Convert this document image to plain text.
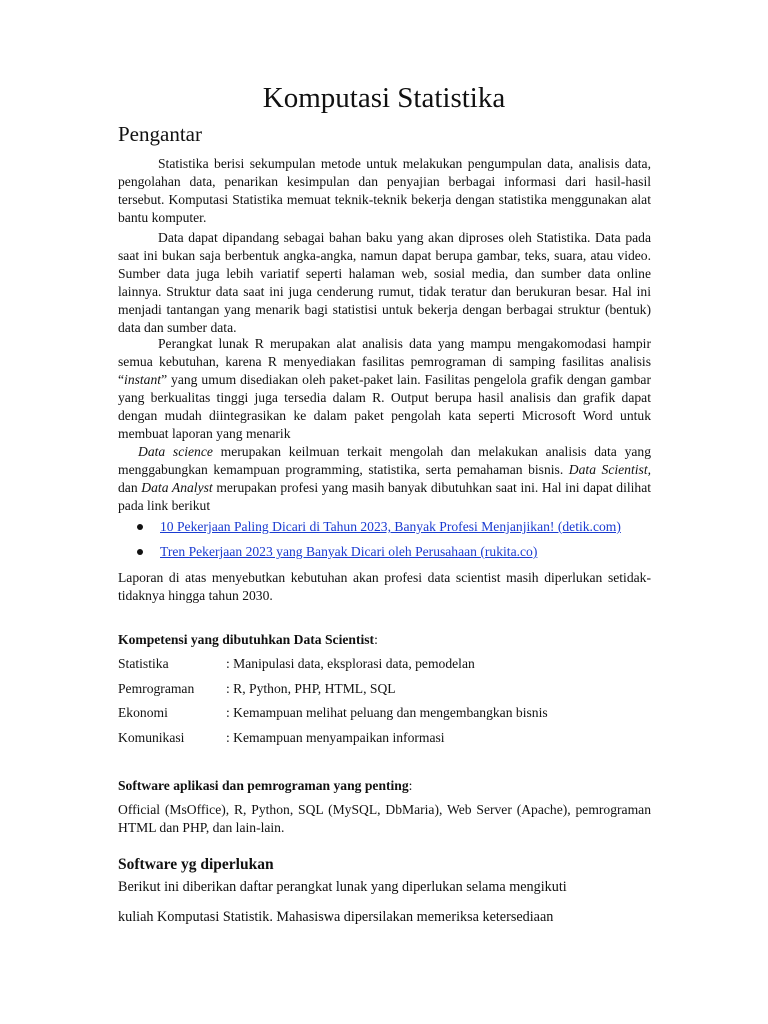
Komputasi Statistika
Pengantar

Statistika berisi sekumpulan metode untuk melakukan pengumpulan data, analisis data, pengolahan data, penarikan kesimpulan dan penyajian berbagai informasi dari hasil-hasil tersebut. Komputasi Statistika memuat teknik-teknik bekerja dengan statistika menggunakan alat bantu komputer.

Data dapat dipandang sebagai bahan baku yang akan diproses oleh Statistika. Data pada saat ini bukan saja berbentuk angka-angka, namun dapat berupa gambar, teks, suara, atau video. Sumber data juga lebih variatif seperti halaman web, sosial media, dan sumber data online lainnya. Struktur data saat ini juga cenderung rumut, tidak teratur dan berukuran besar. Hal ini menjadi tantangan yang menarik bagi statistisi untuk bekerja dengan berbagai struktur (bentuk) data dan sumber data.

Perangkat lunak R merupakan alat analisis data yang mampu mengakomodasi hampir semua kebutuhan, karena R menyediakan fasilitas pemrograman di samping fasilitas analisis “instant” yang umum disediakan oleh paket-paket lain. Fasilitas pengelola grafik dengan gambar yang berkualitas tinggi juga tersedia dalam R. Output berupa hasil analisis dan grafik dapat dengan mudah diintegrasikan ke dalam paket pengolah kata seperti Microsoft Word untuk membuat laporan yang menarik

Data science merupakan keilmuan terkait mengolah dan melakukan analisis data yang menggabungkan kemampuan programming, statistika, serta pemahaman bisnis. Data Scientist, dan Data Analyst merupakan profesi yang masih banyak dibutuhkan saat ini. Hal ini dapat dilihat pada link berikut

10 Pekerjaan Paling Dicari di Tahun 2023, Banyak Profesi Menjanjikan! (detik.com)
Tren Pekerjaan 2023 yang Banyak Dicari oleh Perusahaan (rukita.co)

Laporan di atas menyebutkan kebutuhan akan profesi data scientist masih diperlukan setidak-tidaknya hingga tahun 2030.

Kompetensi yang dibutuhkan Data Scientist:
Statistika	: Manipulasi data, eksplorasi data, pemodelan
Pemrograman	: R, Python, PHP, HTML, SQL
Ekonomi	: Kemampuan melihat peluang dan mengembangkan bisnis
Komunikasi	: Kemampuan menyampaikan informasi
Software aplikasi dan pemrograman yang penting:

Official (MsOffice), R, Python, SQL (MySQL, DbMaria), Web Server (Apache), pemrograman HTML dan PHP, dan lain-lain.

Software yg diperlukan
Berikut ini diberikan daftar perangkat lunak yang diperlukan selama mengikuti
kuliah Komputasi Statistik. Mahasiswa dipersilakan memeriksa ketersediaan
